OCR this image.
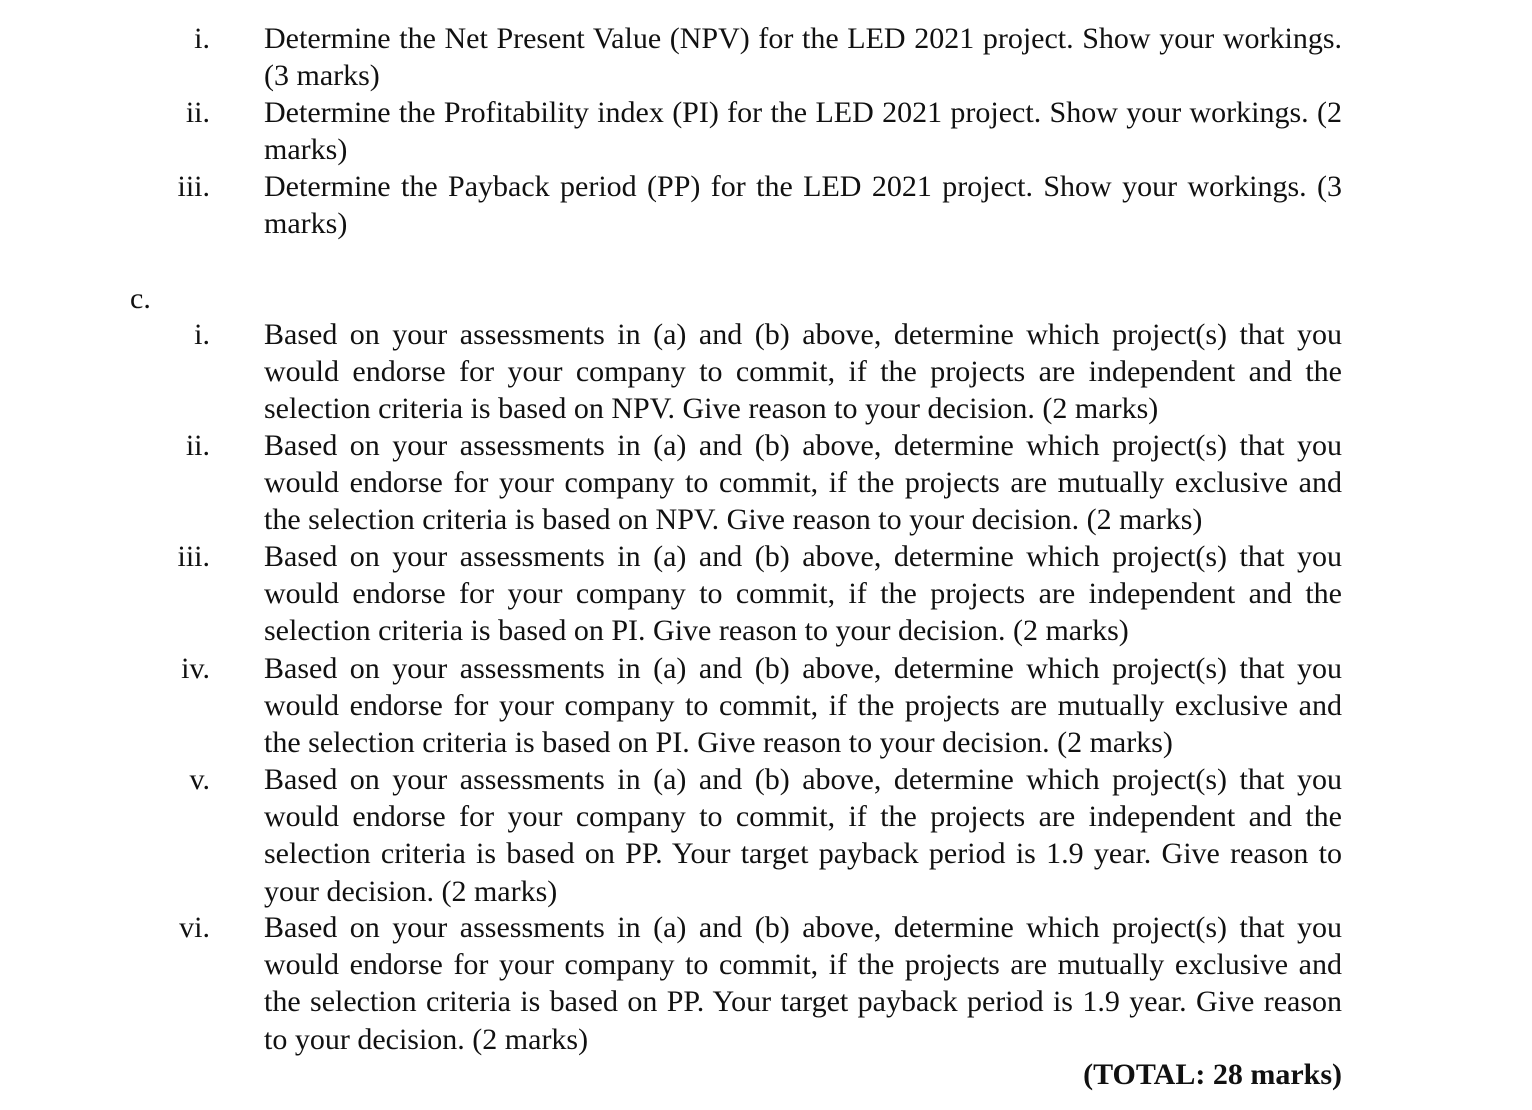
i. Determine the Net Present Value (NPV) for the LED 2021 project. Show your workings. (3 marks)
ii. Determine the Profitability index (PI) for the LED 2021 project. Show your workings. (2 marks)
iii. Determine the Payback period (PP) for the LED 2021 project. Show your workings. (3 marks)
c.
i. Based on your assessments in (a) and (b) above, determine which project(s) that you would endorse for your company to commit, if the projects are independent and the selection criteria is based on NPV. Give reason to your decision. (2 marks)
ii. Based on your assessments in (a) and (b) above, determine which project(s) that you would endorse for your company to commit, if the projects are mutually exclusive and the selection criteria is based on NPV. Give reason to your decision. (2 marks)
iii. Based on your assessments in (a) and (b) above, determine which project(s) that you would endorse for your company to commit, if the projects are independent and the selection criteria is based on PI. Give reason to your decision. (2 marks)
iv. Based on your assessments in (a) and (b) above, determine which project(s) that you would endorse for your company to commit, if the projects are mutually exclusive and the selection criteria is based on PI. Give reason to your decision. (2 marks)
v. Based on your assessments in (a) and (b) above, determine which project(s) that you would endorse for your company to commit, if the projects are independent and the selection criteria is based on PP. Your target payback period is 1.9 year. Give reason to your decision. (2 marks)
vi. Based on your assessments in (a) and (b) above, determine which project(s) that you would endorse for your company to commit, if the projects are mutually exclusive and the selection criteria is based on PP. Your target payback period is 1.9 year. Give reason to your decision. (2 marks)
(TOTAL: 28 marks)
